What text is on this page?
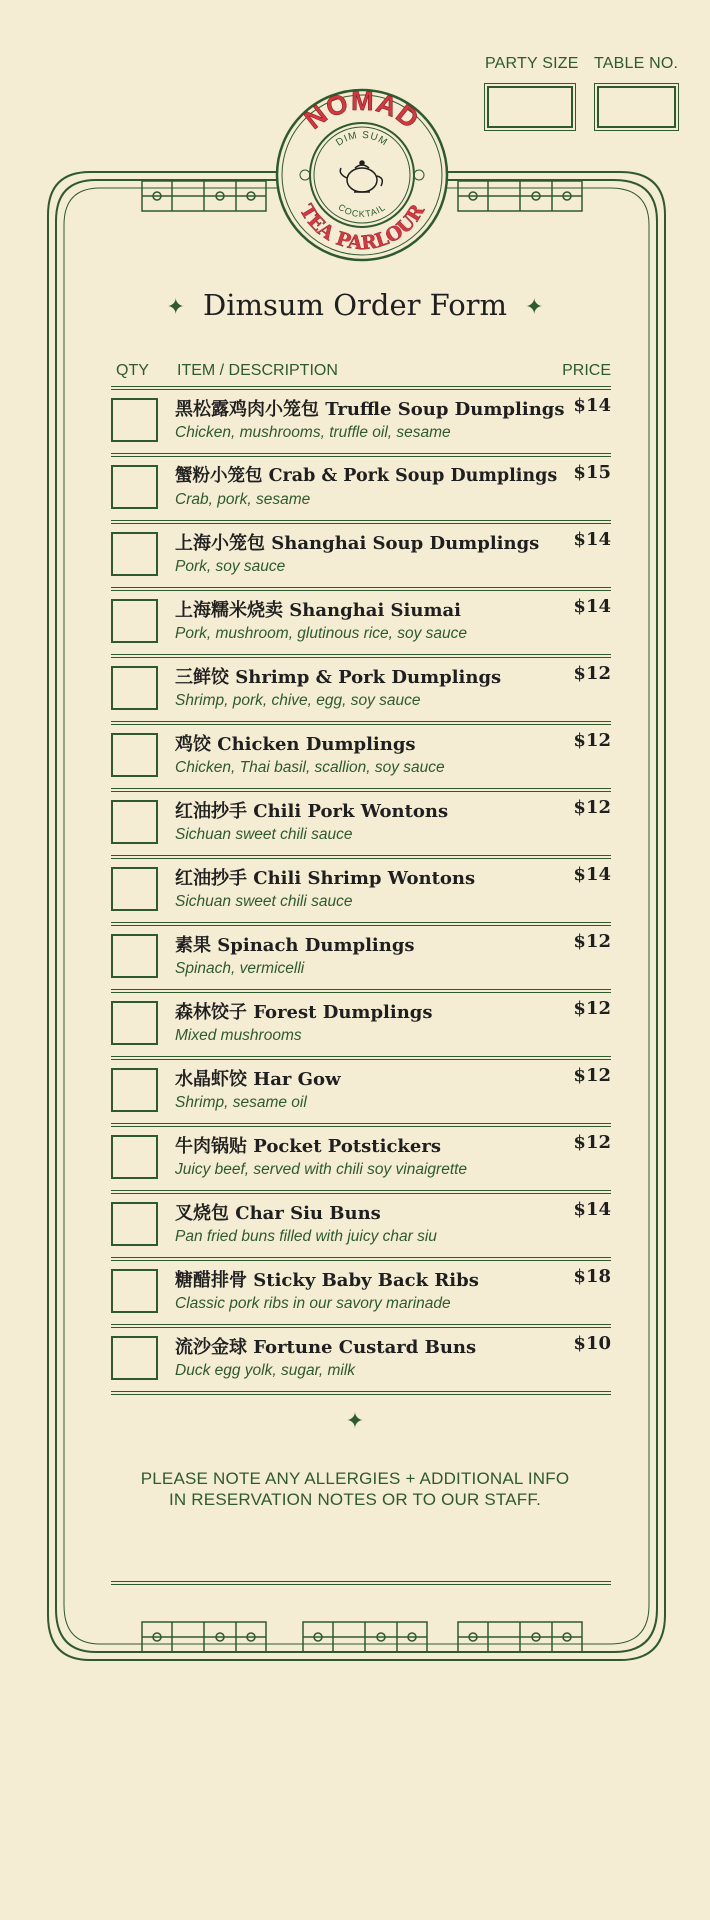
PARTY SIZE TABLE NO.
NOMAD
TEA PARLOUR
DIM SUM
COCKTAIL
✦ Dimsum Order Form ✦
QTY ITEM / DESCRIPTION	PRICE
黑松露鸡肉小笼包 Truffle Soup Dumplings $14
Chicken, mushrooms, truffle oil, sesame
蟹粉小笼包 Crab & Pork Soup Dumplings $15
Crab, pork, sesame
上海小笼包 Shanghai Soup Dumplings $14
Pork, soy sauce
上海糯米烧卖 Shanghai Siumai	$14
Pork, mushroom, glutinous rice, soy sauce
三鲜饺 Shrimp & Pork Dumplings	$12
Shrimp, pork, chive, egg, soy sauce
鸡饺 Chicken Dumplings	$12
Chicken, Thai basil, scallion, soy sauce
红油抄手 Chili Pork Wontons	$12
Sichuan sweet chili sauce
红油抄手 Chili Shrimp Wontons	$14
Sichuan sweet chili sauce
素果 Spinach Dumplings	$12
Spinach, vermicelli
森林饺子 Forest Dumplings	$12
Mixed mushrooms
水晶虾饺 Har Gow	$12
Shrimp, sesame oil
牛肉锅贴 Pocket Potstickers	$12
Juicy beef, served with chili soy vinaigrette
叉烧包 Char Siu Buns	$14
Pan fried buns filled with juicy char siu
糖醋排骨 Sticky Baby Back Ribs	$18
Classic pork ribs in our savory marinade
流沙金球 Fortune Custard Buns	$10
Duck egg yolk, sugar, milk
✦
PLEASE NOTE ANY ALLERGIES + ADDITIONAL INFO
IN RESERVATION NOTES OR TO OUR STAFF.
